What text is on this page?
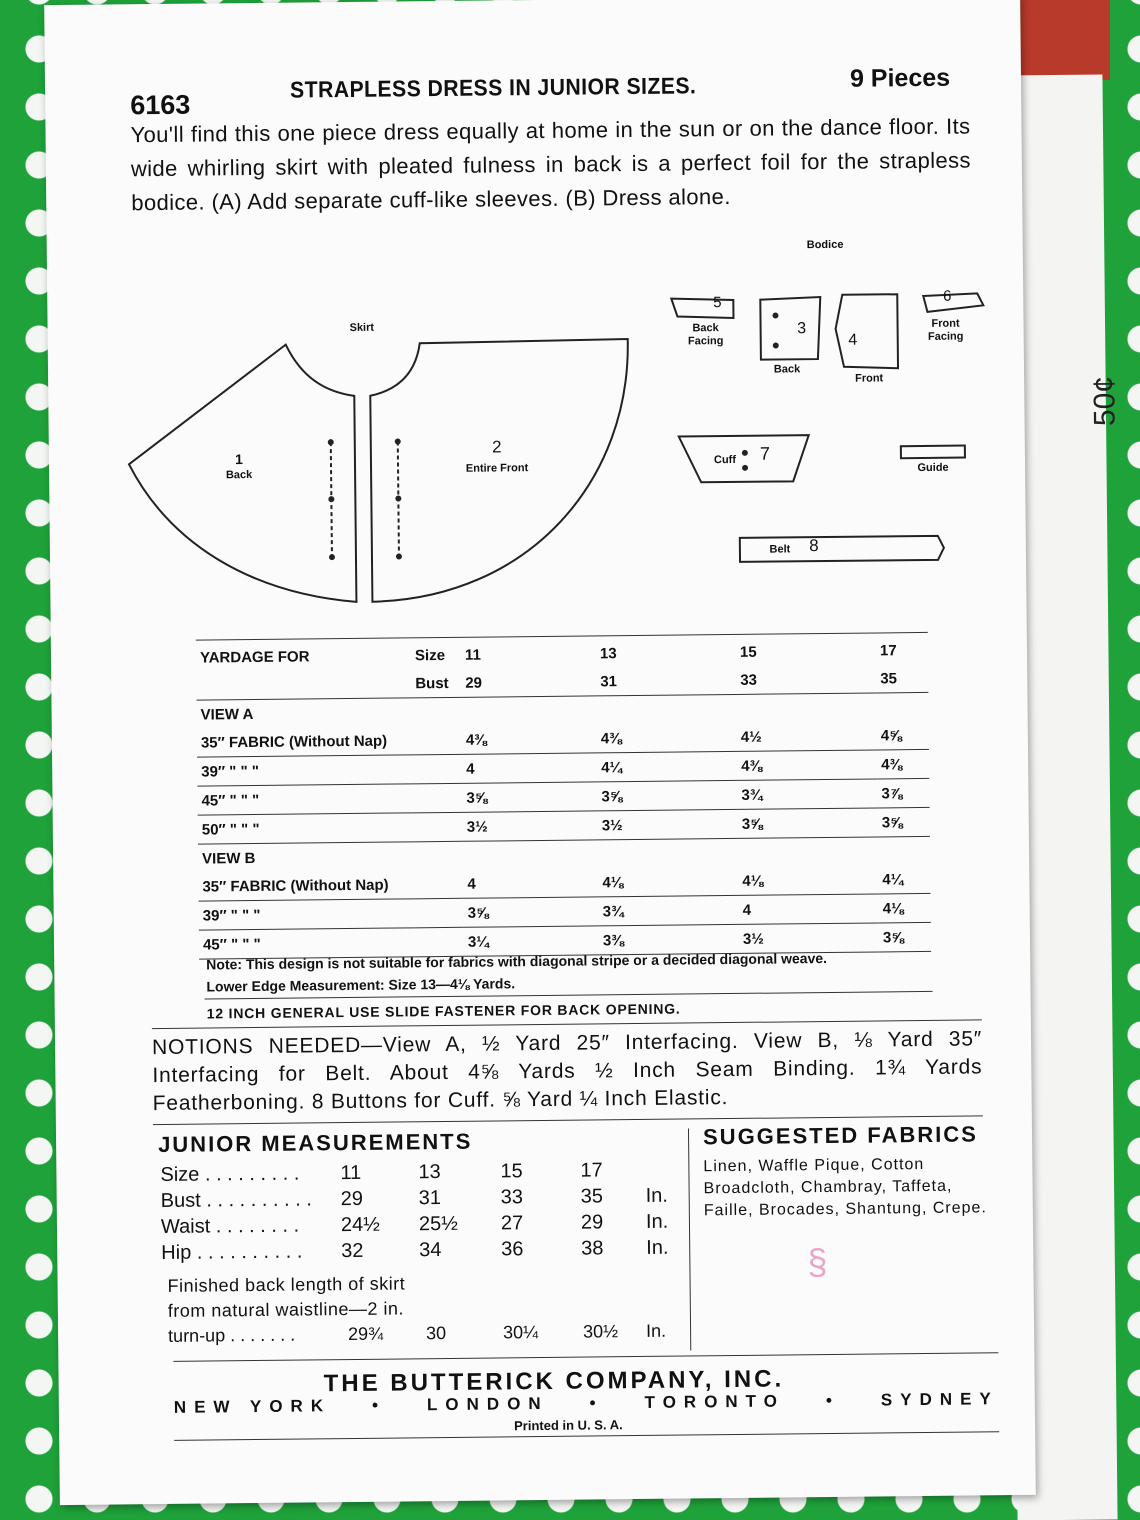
6163
STRAPLESS DRESS IN JUNIOR SIZES.	9 Pieces
You'll find this one piece dress equally at home in the sun or on the dance floor. Its wide whirling skirt with pleated fulness in back is a perfect foil for the strapless bodice. (A) Add separate cuff-like sleeves. (B) Dress alone.
Skirt
Bodice
1
Back
2
Entire Front
3
Back
4
Front
5
Back Facing
6
Front Facing
Cuff 7
Belt	8
Guide
YARDAGE FOR	Size	11	13	15	17
	Bust	29	31	33	35
VIEW A					
35″ FABRIC (Without Nap)		4⅜	4⅜	4½	4⅝
39″ " " "		4	4¼	4⅜	4⅜
45″ " " "		3⅝	3⅝	3¾	3⅞
50″ " " "		3½	3½	3⅝	3⅝
VIEW B					
35″ FABRIC (Without Nap)		4	4⅛	4⅛	4¼
39″ " " "		3⅝	3¾	4	4⅛
45″ " " "		3¼	3⅜	3½	3⅝
Note: This design is not suitable for fabrics with diagonal stripe or a decided diagonal weave.
Lower Edge Measurement: Size 13—4⅛ Yards.
12 INCH GENERAL USE SLIDE FASTENER FOR BACK OPENING.
NOTIONS NEEDED—View A, ½ Yard 25″ Interfacing. View B, ⅛ Yard 35″ Interfacing for Belt. About 4⅝ Yards ½ Inch Seam Binding. 1¾ Yards Featherboning. 8 Buttons for Cuff. ⅝ Yard ¼ Inch Elastic.
JUNIOR MEASUREMENTS
Size . . . . . . . . . 11	13	15	17
Bust . . . . . . . . . . 29	31	33	35 In.
Waist . . . . . . . . 24½ 25½ 27	29 In.
Hip . . . . . . . . . . 32	34	36	38 In.
Finished back length of skirt
from natural waistline—2 in.
turn-up . . . . . . .	29¾ 30	30¼ 30½ In.
SUGGESTED FABRICS
Linen, Waffle Pique, Cotton Broadcloth, Chambray, Taffeta, Faille, Brocades, Shantung, Crepe.
§
THE BUTTERICK COMPANY, INC.
NEW YORK • LONDON • TORONTO • SYDNEY
Printed in U. S. A.
50¢
